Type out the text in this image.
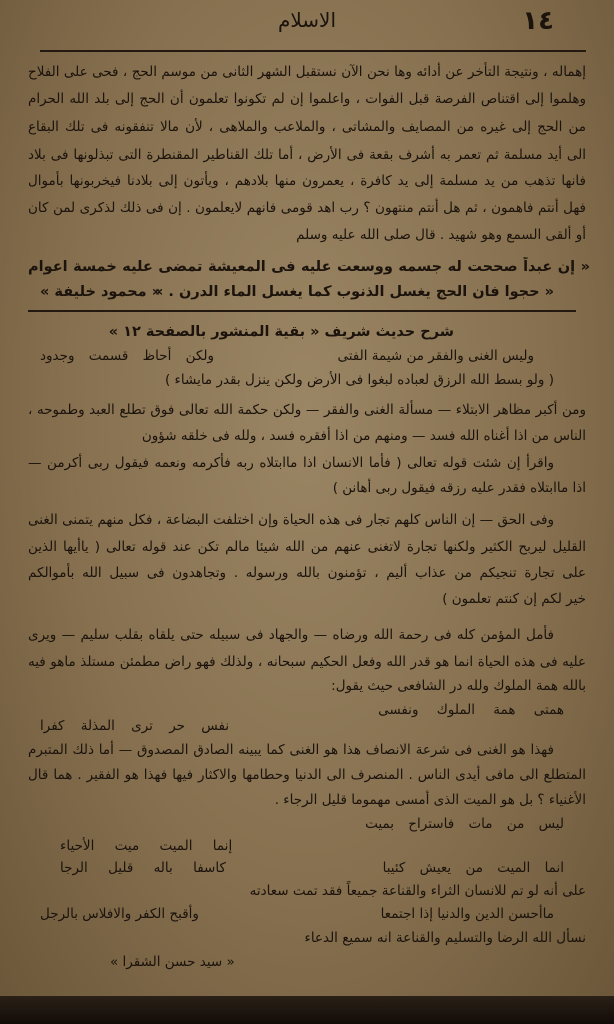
١٤
الاسلام
إهماله ، ونتيجة التأخر عن أدائه وها نحن الآن نستقبل الشهر الثانى من موسم الحج ، فحى على الفلاح
وهلموا إلى اقتناص الفرصة قبل الفوات ، واعلموا إن لم تكونوا تعلمون أن الحج إلى بلد الله الحرام
من الحج إلى غيره من المصايف والمشاتى ، والملاعب والملاهى ، لأن مالا تنفقونه فى تلك البقاع
الى أيد مسلمة ثم تعمر به أشرف بقعة فى الأرض ، أما تلك القناطير المقنطرة التى تبذلونها فى بلاد
فانها تذهب من يد مسلمة إلى يد كافرة ، يعمرون منها بلادهم ، ويأتون إلى بلادنا فيخربونها بأموال
فهل أنتم فاهمون ، ثم هل أنتم منتهون ؟ رب اهد قومى فانهم لايعلمون . إن فى ذلك لذكرى لمن كان
أو ألقى السمع وهو شهيد . قال صلى الله عليه وسلم
« إن عبداً صححت له جسمه ووسعت عليه فى المعيشة تمضى عليه خمسة اعوام
« حجوا فان الحج يغسل الذنوب كما يغسل الماء الدرن . »
« محمود خليفة »
شرح حديث شريف « بقية المنشور بالصفحة ١٢ »
وليس الغنى والفقر من شيمة الفتى
ولكن أحاظ قسمت وجدود
( ولو بسط الله الرزق لعباده لبغوا فى الأرض ولكن ينزل بقدر مايشاء )
ومن أكبر مظاهر الابتلاء — مسألة الغنى والفقر — ولكن حكمة الله تعالى فوق تطلع العبد وطموحه ،
الناس من اذا أغناه الله فسد — ومنهم من اذا أفقره فسد ، ولله فى خلقه شؤون
واقرأ إن شئت قوله تعالى ( فأما الانسان اذا ماابتلاه ربه فأكرمه ونعمه فيقول ربى أكرمن —
اذا ماابتلاه فقدر عليه رزقه فيقول ربى أهانن )
وفى الحق — إن الناس كلهم تجار فى هذه الحياة وإن اختلفت البضاعة ، فكل منهم يتمنى الغنى
القليل ليربح الكثير ولكنها تجارة لاتغنى عنهم من الله شيئا مالم تكن عند قوله تعالى ( ياأيها الذين
على تجارة تنجيكم من عذاب أليم ، تؤمنون بالله ورسوله . وتجاهدون فى سبيل الله بأموالكم
خير لكم إن كنتم تعلمون )
فأمل المؤمن كله فى رحمة الله ورضاه — والجهاد فى سبيله حتى يلقاه بقلب سليم — ويرى
عليه فى هذه الحياة انما هو قدر الله وفعل الحكيم سبحانه ، ولذلك فهو راض مطمئن مستلذ ماهو فيه
بالله همة الملوك ولله در الشافعى حيث يقول:
همتى همة الملوك ونفسى
نفس حر ترى المذلة كفرا
فهذا هو الغنى فى شرعة الانصاف هذا هو الغنى كما يبينه الصادق المصدوق — أما ذلك المتبرم
المتطلع الى مافى أيدى الناس . المنصرف الى الدنيا وحطامها والاكثار فيها فهذا هو الفقير . هما قال
الأغنياء ؟ بل هو الميت الذى أمسى مهموما قليل الرجاء .
ليس من مات فاستراح بميت
إنما الميت ميت الأحياء
انما الميت من يعيش كئيبا
كاسفا باله قليل الرجا
على أنه لو تم للانسان الثراء والقناعة جميعاً فقد تمت سعادته
ماأحسن الدين والدنيا إذا اجتمعا
وأقبح الكفر والافلاس بالرجل
نسأل الله الرضا والتسليم والقناعة انه سميع الدعاء
« سيد حسن الشقرا »
